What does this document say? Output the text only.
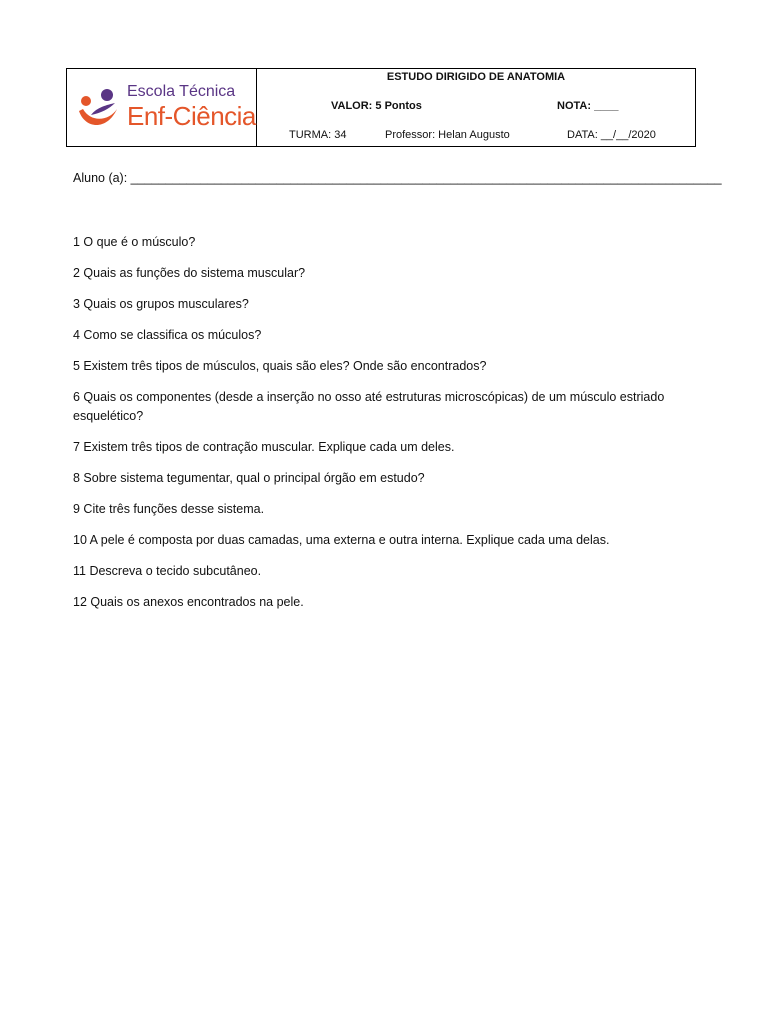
Escola Técnica
Enf-Ciência
ESTUDO DIRIGIDO DE ANATOMIA
VALOR: 5 Pontos	NOTA: ____
TURMA: 34	Professor: Helan Augusto	DATA: __/__/2020
Aluno (a): _____________________________________________________________________________________

1 O que é o músculo?

2 Quais as funções do sistema muscular?

3 Quais os grupos musculares?

4 Como se classifica os múculos?

5 Existem três tipos de músculos, quais são eles? Onde são encontrados?

6 Quais os componentes (desde a inserção no osso até estruturas microscópicas) de um músculo estriado esquelético?

7 Existem três tipos de contração muscular. Explique cada um deles.

8 Sobre sistema tegumentar, qual o principal órgão em estudo?

9 Cite três funções desse sistema.

10 A pele é composta por duas camadas, uma externa e outra interna. Explique cada uma delas.

11 Descreva o tecido subcutâneo.

12 Quais os anexos encontrados na pele.
